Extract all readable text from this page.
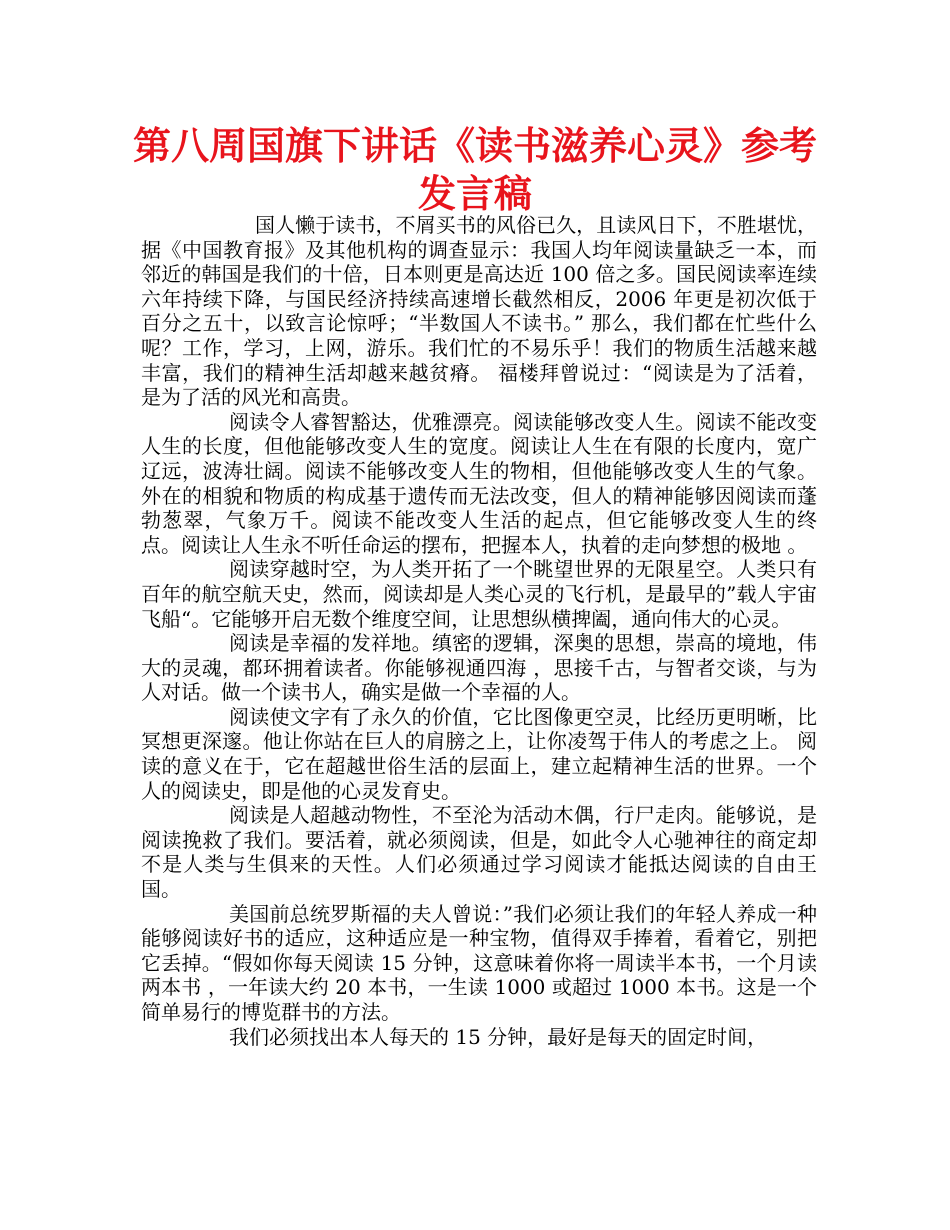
第八周国旗下讲话《读书滋养心灵》参考发言稿

国人懒于读书，不屑买书的风俗已久，且读风日下，不胜堪忧，据《中国教育报》及其他机构的调查显示：我国人均年阅读量缺乏一本，而邻近的韩国是我们的十倍，日本则更是高达近 100 倍之多。国民阅读率连续六年持续下降，与国民经济持续高速增长截然相反，2006 年更是初次低于百分之五十，以致言论惊呼；“半数国人不读书。” 那么，我们都在忙些什么呢？工作，学习，上网，游乐。我们忙的不易乐乎！我们的物质生活越来越丰富，我们的精神生活却越来越贫瘠。 福楼拜曾说过：“阅读是为了活着，是为了活的风光和高贵。

阅读令人睿智豁达，优雅漂亮。阅读能够改变人生。阅读不能改变人生的长度，但他能够改变人生的宽度。阅读让人生在有限的长度内，宽广辽远，波涛壮阔。阅读不能够改变人生的物相，但他能够改变人生的气象。外在的相貌和物质的构成基于遗传而无法改变，但人的精神能够因阅读而蓬勃葱翠，气象万千。阅读不能改变人生活的起点，但它能够改变人生的终点。阅读让人生永不听任命运的摆布，把握本人，执着的走向梦想的极地 。

阅读穿越时空，为人类开拓了一个眺望世界的无限星空。人类只有百年的航空航天史，然而，阅读却是人类心灵的飞行机，是最早的”载人宇宙飞船“。它能够开启无数个维度空间，让思想纵横捭阖，通向伟大的心灵。

阅读是幸福的发祥地。缜密的逻辑，深奥的思想，崇高的境地，伟大的灵魂，都环拥着读者。你能够视通四海 ，思接千古，与智者交谈，与为人对话。做一个读书人，确实是做一个幸福的人。

阅读使文字有了永久的价值，它比图像更空灵，比经历更明晰，比冥想更深邃。他让你站在巨人的肩膀之上，让你凌驾于伟人的考虑之上。 阅读的意义在于，它在超越世俗生活的层面上，建立起精神生活的世界。一个人的阅读史，即是他的心灵发育史。

阅读是人超越动物性，不至沦为活动木偶，行尸走肉。能够说，是阅读挽救了我们。要活着，就必须阅读，但是，如此令人心驰神往的商定却不是人类与生俱来的天性。人们必须通过学习阅读才能抵达阅读的自由王国。

美国前总统罗斯福的夫人曾说：”我们必须让我们的年轻人养成一种能够阅读好书的适应，这种适应是一种宝物，值得双手捧着，看着它，别把它丢掉。“假如你每天阅读 15 分钟，这意味着你将一周读半本书，一个月读两本书 ，一年读大约 20 本书，一生读 1000 或超过 1000 本书。这是一个简单易行的博览群书的方法。

我们必须找出本人每天的 15 分钟，最好是每天的固定时间，
